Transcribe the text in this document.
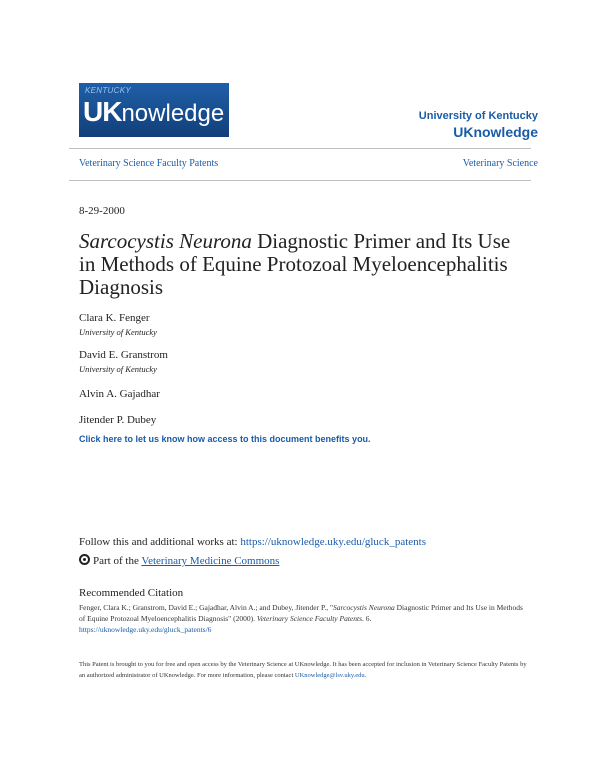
KENTUCKY
UKnowledge	University of Kentucky
UKnowledge
Veterinary Science Faculty Patents	Veterinary Science
8-29-2000
Sarcocystis Neurona Diagnostic Primer and Its Use in Methods of Equine Protozoal Myeloencephalitis Diagnosis
Clara K. Fenger
University of Kentucky
David E. Granstrom
University of Kentucky
Alvin A. Gajadhar
Jitender P. Dubey
Click here to let us know how access to this document benefits you.
Follow this and additional works at: https://uknowledge.uky.edu/gluck_patents
Part of the Veterinary Medicine Commons
Recommended Citation
Fenger, Clara K.; Granstrom, David E.; Gajadhar, Alvin A.; and Dubey, Jitender P., "Sarcocystis Neurona Diagnostic Primer and Its Use in Methods of Equine Protozoal Myeloencephalitis Diagnosis" (2000). Veterinary Science Faculty Patents. 6.
https://uknowledge.uky.edu/gluck_patents/6
This Patent is brought to you for free and open access by the Veterinary Science at UKnowledge. It has been accepted for inclusion in Veterinary Science Faculty Patents by an authorized administrator of UKnowledge. For more information, please contact UKnowledge@lsv.uky.edu.
